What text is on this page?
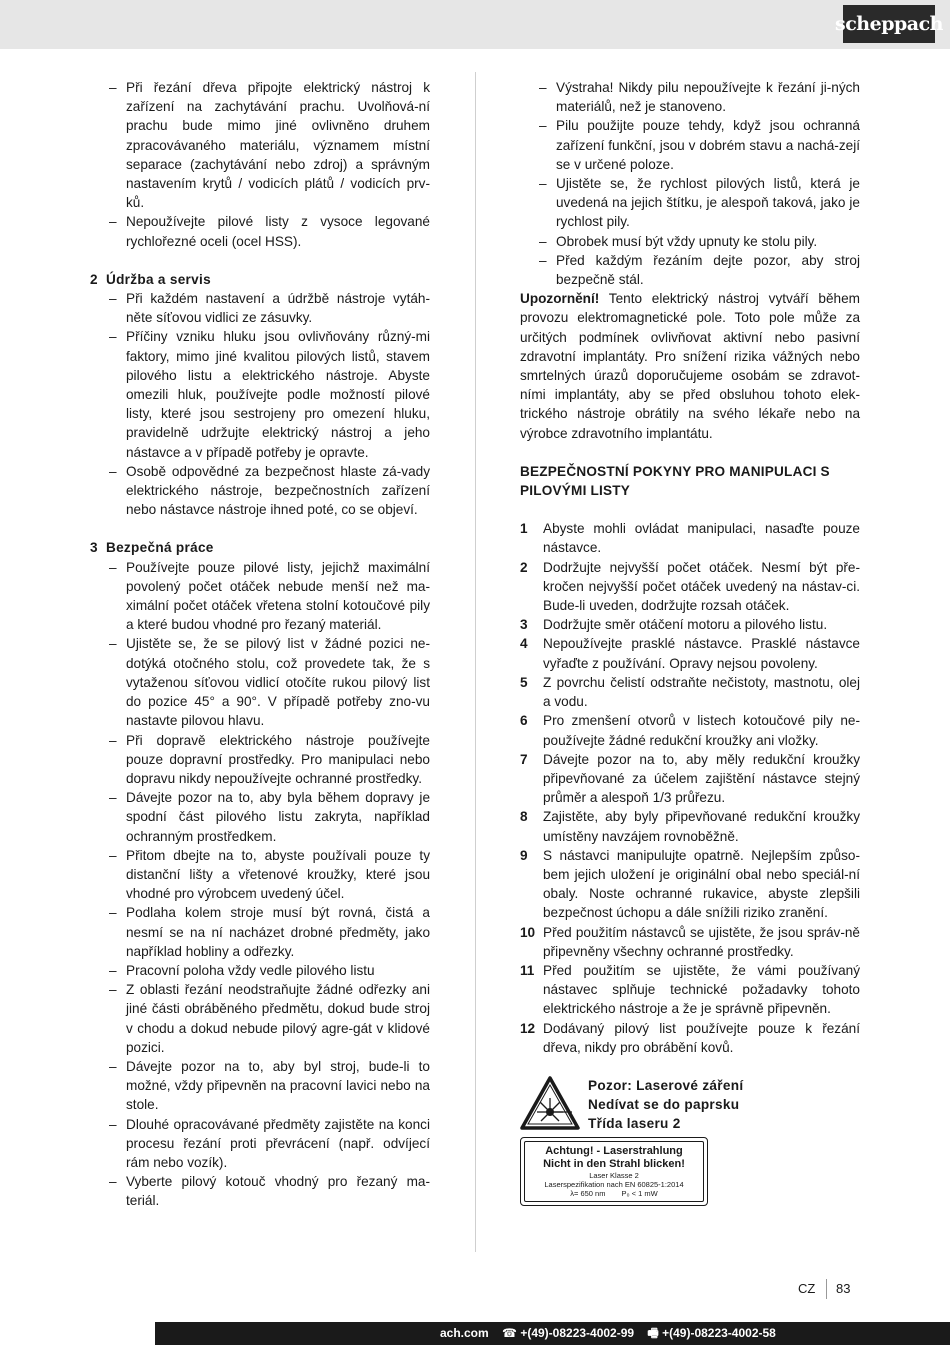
scheppach

– Při řezání dřeva připojte elektrický nástroj k zařízení na zachytávání prachu. Uvolňová-ní prachu bude mimo jiné ovlivněno druhem zpracovávaného materiálu, významem místní separace (zachytávání nebo zdroj) a správným nastavením krytů / vodicích plátů / vodicích prv-ků.

– Nepoužívejte pilové listy z vysoce legované rychlořezné oceli (ocel HSS).

2 Údržba a servis

– Při každém nastavení a údržbě nástroje vytáh-něte síťovou vidlici ze zásuvky.

– Příčiny vzniku hluku jsou ovlivňovány různý-mi faktory, mimo jiné kvalitou pilových listů, stavem pilového listu a elektrického nástroje. Abyste omezili hluk, používejte podle možností pilové listy, které jsou sestrojeny pro omezení hluku, pravidelně udržujte elektrický nástroj a jeho nástavce a v případě potřeby je opravte.

– Osobě odpovědné za bezpečnost hlaste zá-vady elektrického nástroje, bezpečnostních zařízení nebo nástavce nástroje ihned poté, co se objeví.

3 Bezpečná práce

– Používejte pouze pilové listy, jejichž maximální povolený počet otáček nebude menší než ma-ximální počet otáček vřetena stolní kotoučové pily a které budou vhodné pro řezaný materiál.

– Ujistěte se, že se pilový list v žádné pozici ne-dotýká otočného stolu, což provedete tak, že s vytaženou síťovou vidlicí otočíte rukou pilový list do pozice 45° a 90°. V případě potřeby zno-vu nastavte pilovou hlavu.

– Při dopravě elektrického nástroje používejte pouze dopravní prostředky. Pro manipulaci nebo dopravu nikdy nepoužívejte ochranné prostředky.

– Dávejte pozor na to, aby byla během dopravy je spodní část pilového listu zakryta, například ochranným prostředkem.

– Přitom dbejte na to, abyste používali pouze ty distanční lišty a vřetenové kroužky, které jsou vhodné pro výrobcem uvedený účel.

– Podlaha kolem stroje musí být rovná, čistá a nesmí se na ní nacházet drobné předměty, jako například hobliny a odřezky.

– Pracovní poloha vždy vedle pilového listu

– Z oblasti řezání neodstraňujte žádné odřezky ani jiné části obráběného předmětu, dokud bude stroj v chodu a dokud nebude pilový agre-gát v klidové pozici.

– Dávejte pozor na to, aby byl stroj, bude-li to možné, vždy připevněn na pracovní lavici nebo na stole.

– Dlouhé opracovávané předměty zajistěte na konci procesu řezání proti převrácení (např. odvíjecí rám nebo vozík).

– Vyberte pilový kotouč vhodný pro řezaný ma-teriál.

– Výstraha! Nikdy pilu nepoužívejte k řezání ji-ných materiálů, než je stanoveno.

– Pilu použijte pouze tehdy, když jsou ochranná zařízení funkční, jsou v dobrém stavu a nachá-zejí se v určené poloze.

– Ujistěte se, že rychlost pilových listů, která je uvedená na jejich štítku, je alespoň taková, jako je rychlost pily.

– Obrobek musí být vždy upnuty ke stolu pily.

– Před každým řezáním dejte pozor, aby stroj bezpečně stál.

Upozornění! Tento elektrický nástroj vytváří během provozu elektromagnetické pole. Toto pole může za určitých podmínek ovlivňovat aktivní nebo pasivní zdravotní implantáty. Pro snížení rizika vážných nebo smrtelných úrazů doporučujeme osobám se zdravot-ními implantáty, aby se před obsluhou tohoto elek-trického nástroje obrátily na svého lékaře nebo na výrobce zdravotního implantátu.

BEZPEČNOSTNÍ POKYNY PRO MANIPULACI S PILOVÝMI LISTY

1 Abyste mohli ovládat manipulaci, nasaďte pouze nástavce.

2 Dodržujte nejvyšší počet otáček. Nesmí být pře-kročen nejvyšší počet otáček uvedený na nástav-ci. Bude-li uveden, dodržujte rozsah otáček.

3 Dodržujte směr otáčení motoru a pilového listu.

4 Nepoužívejte prasklé nástavce. Prasklé nástavce vyřaďte z používání. Opravy nejsou povoleny.

5 Z povrchu čelistí odstraňte nečistoty, mastnotu, olej a vodu.

6 Pro zmenšení otvorů v listech kotoučové pily ne-používejte žádné redukční kroužky ani vložky.

7 Dávejte pozor na to, aby měly redukční kroužky připevňované za účelem zajištění nástavce stejný průměr a alespoň 1/3 průřezu.

8 Zajistěte, aby byly připevňované redukční kroužky umístěny navzájem rovnoběžně.

9 S nástavci manipulujte opatrně. Nejlepším způso-bem jejich uložení je originální obal nebo speciál-ní obaly. Noste ochranné rukavice, abyste zlepšili bezpečnost úchopu a dále snížili riziko zranění.

10 Před použitím nástavců se ujistěte, že jsou správ-ně připevněny všechny ochranné prostředky.

11 Před použitím se ujistěte, že vámi používaný nástavec splňuje technické požadavky tohoto elektrického nástroje a že je správně připevněn.

12 Dodávaný pilový list používejte pouze k řezání dřeva, nikdy pro obrábění kovů.

Pozor: Laserové záření
Nedívat se do paprsku
Třída laseru 2
Achtung! - Laserstrahlung
Nicht in den Strahl blicken!
Laser Klasse 2
Laserspezifikation nach EN 60825-1:2014
λ= 650 nm P₀ < 1 mW
CZ 83
ach.com ☎ +(49)-08223-4002-99 🖷 +(49)-08223-4002-58
